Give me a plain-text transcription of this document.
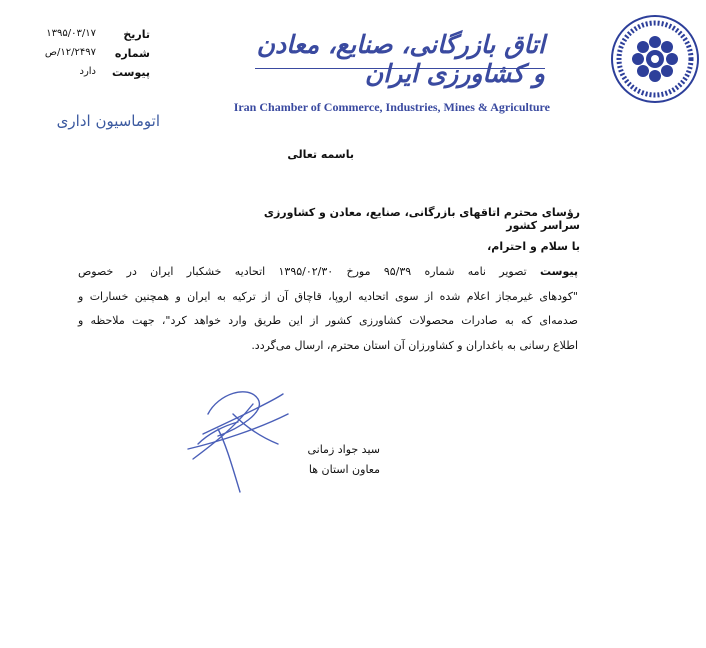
تاریخ
۱۳۹۵/۰۳/۱۷
شماره
۱۲/۲۴۹۷/ص
پیوست
دارد
اتوماسیون اداری
اتاق بازرگانی، صنایع، معادن و کشاورزی ایران
Iran Chamber of Commerce, Industries, Mines & Agriculture
باسمه تعالی
رؤسای محترم اتاقهای بازرگانی، صنایع، معادن و کشاورزی سراسر کشور
با سلام و احترام،
پیوست تصویر نامه شماره ۹۵/۳۹ مورخ ۱۳۹۵/۰۲/۳۰ اتحادیه خشکبار ایران در خصوص
"کودهای غیرمجاز اعلام شده از سوی اتحادیه اروپا، قاچاق آن از ترکیه به ایران و همچنین خسارات و
صدمه‌ای که به صادرات محصولات کشاورزی کشور از این طریق وارد خواهد کرد"، جهت ملاحظه و
اطلاع رسانی به باغداران و کشاورزان آن استان محترم، ارسال می‌گردد.
سید جواد زمانی
معاون استان ها
